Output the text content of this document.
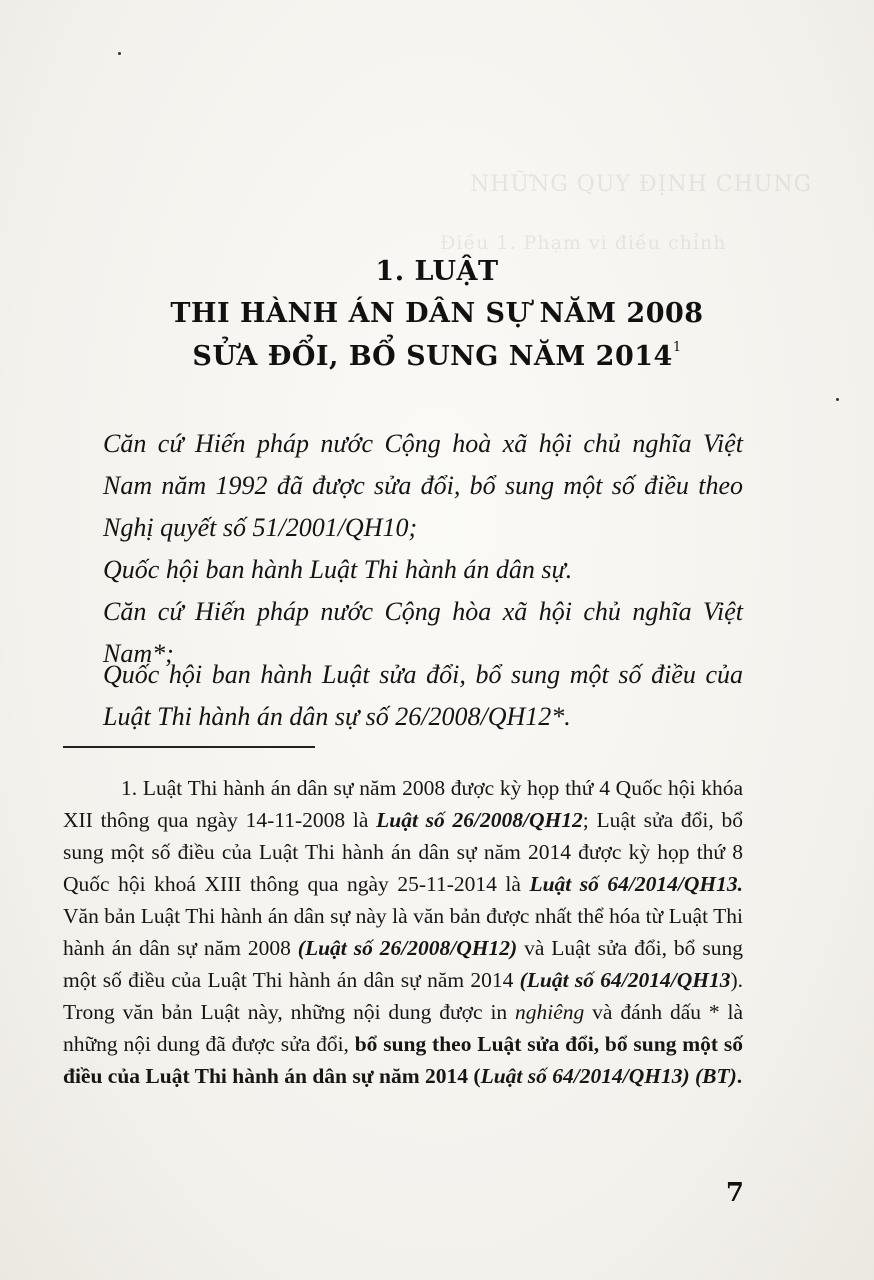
NHỮNG QUY ĐỊNH CHUNG
Điều 1. Phạm vi điều chỉnh
1. LUẬT
THI HÀNH ÁN DÂN SỰ NĂM 2008
SỬA ĐỔI, BỔ SUNG NĂM 2014$^1$
Căn cứ Hiến pháp nước Cộng hoà xã hội chủ nghĩa Việt Nam năm 1992 đã được sửa đổi, bổ sung một số điều theo Nghị quyết số 51/2001/QH10;
Quốc hội ban hành Luật Thi hành án dân sự.
Căn cứ Hiến pháp nước Cộng hòa xã hội chủ nghĩa Việt Nam*;
Quốc hội ban hành Luật sửa đổi, bổ sung một số điều của Luật Thi hành án dân sự số 26/2008/QH12*.
1. Luật Thi hành án dân sự năm 2008 được kỳ họp thứ 4 Quốc hội khóa XII thông qua ngày 14-11-2008 là Luật số 26/2008/QH12; Luật sửa đổi, bổ sung một số điều của Luật Thi hành án dân sự năm 2014 được kỳ họp thứ 8 Quốc hội khoá XIII thông qua ngày 25-11-2014 là Luật số 64/2014/QH13. Văn bản Luật Thi hành án dân sự này là văn bản được nhất thể hóa từ Luật Thi hành án dân sự năm 2008 (Luật số 26/2008/QH12) và Luật sửa đổi, bổ sung một số điều của Luật Thi hành án dân sự năm 2014 (Luật số 64/2014/QH13). Trong văn bản Luật này, những nội dung được in nghiêng và đánh dấu * là những nội dung đã được sửa đổi, bổ sung theo Luật sửa đổi, bổ sung một số điều của Luật Thi hành án dân sự năm 2014 (Luật số 64/2014/QH13) (BT).
7
